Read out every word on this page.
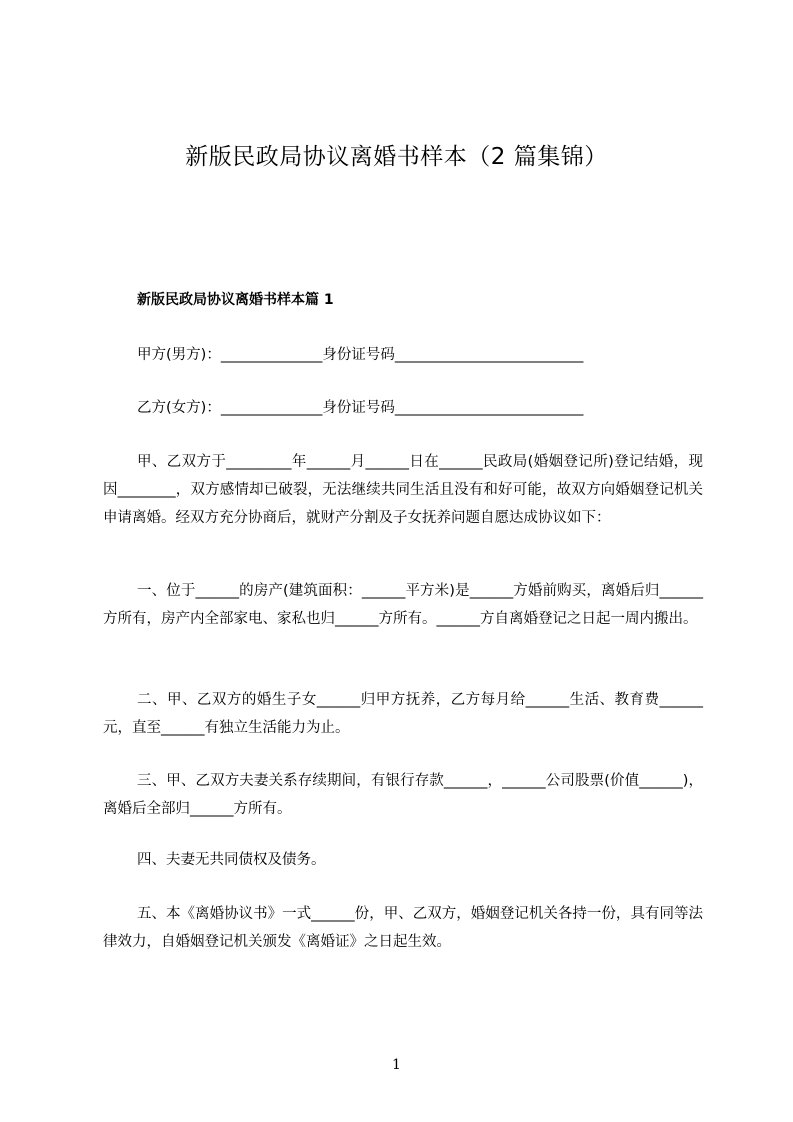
新版民政局协议离婚书样本（2 篇集锦）
新版民政局协议离婚书样本篇 1

甲方(男方)：______________身份证号码__________________________

乙方(女方)：______________身份证号码__________________________

甲、乙双方于_________年______月______日在______民政局(婚姻登记所)登记结婚，现因________，双方感情却已破裂，无法继续共同生活且没有和好可能，故双方向婚姻登记机关申请离婚。经双方充分协商后，就财产分割及子女抚养问题自愿达成协议如下：

一、位于______的房产(建筑面积：______平方米)是______方婚前购买，离婚后归______方所有，房产内全部家电、家私也归______方所有。______方自离婚登记之日起一周内搬出。

二、甲、乙双方的婚生子女______归甲方抚养，乙方每月给______生活、教育费______元，直至______有独立生活能力为止。

三、甲、乙双方夫妻关系存续期间，有银行存款______，______公司股票(价值______)，离婚后全部归______方所有。

四、夫妻无共同债权及债务。

五、本《离婚协议书》一式______份，甲、乙双方，婚姻登记机关各持一份，具有同等法律效力，自婚姻登记机关颁发《离婚证》之日起生效。

1
